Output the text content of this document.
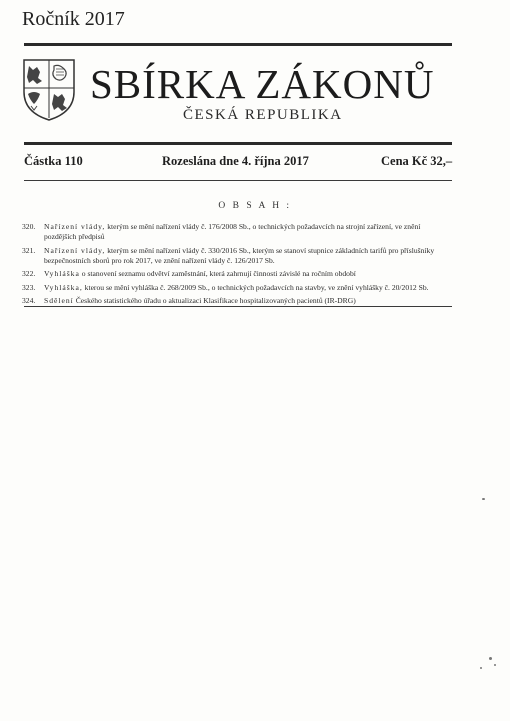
Ročník 2017
SBÍRKA ZÁKONŮ
ČESKÁ REPUBLIKA
Částka 110	Rozeslána dne 4. října 2017	Cena Kč 32,–
O B S A H :
320.	Nařízení vlády, kterým se mění nařízení vlády č. 176/2008 Sb., o technických požadavcích na strojní zařízení, ve znění pozdějších předpisů
321.	Nařízení vlády, kterým se mění nařízení vlády č. 330/2016 Sb., kterým se stanoví stupnice základních tarifů pro příslušníky bezpečnostních sborů pro rok 2017, ve znění nařízení vlády č. 126/2017 Sb.
322.	Vyhláška o stanovení seznamu odvětví zaměstnání, která zahrnují činnosti závislé na ročním období
323.	Vyhláška, kterou se mění vyhláška č. 268/2009 Sb., o technických požadavcích na stavby, ve znění vyhlášky č. 20/2012 Sb.
324.	Sdělení Českého statistického úřadu o aktualizaci Klasifikace hospitalizovaných pacientů (IR-DRG)
